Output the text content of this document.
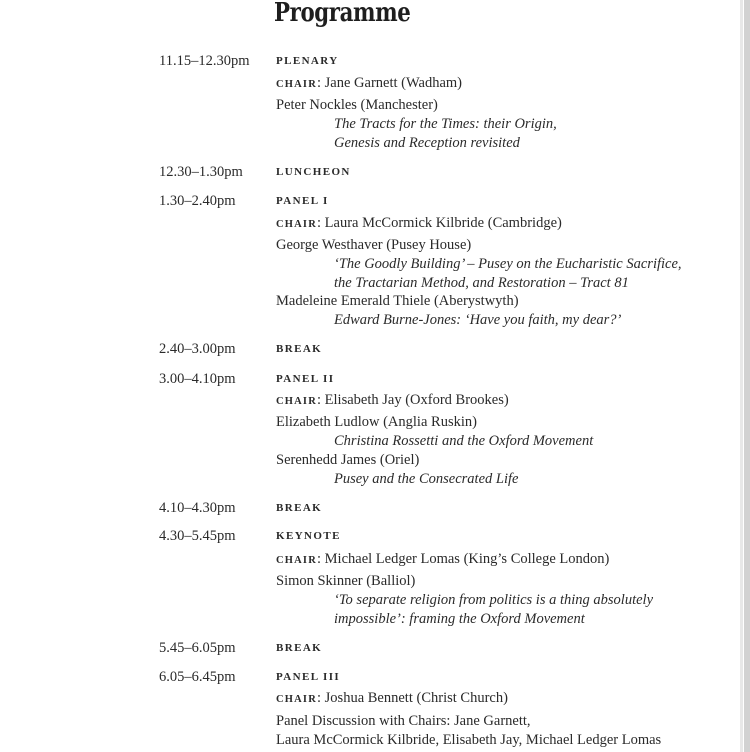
Programme
11.15–12.30pm PLENARY
CHAIR: Jane Garnett (Wadham)
Peter Nockles (Manchester)
The Tracts for the Times: their Origin,
Genesis and Reception revisited
12.30–1.30pm	LUNCHEON
1.30–2.40pm	PANEL I
CHAIR: Laura McCormick Kilbride (Cambridge)
George Westhaver (Pusey House)
‘The Goodly Building’ – Pusey on the Eucharistic Sacrifice,
the Tractarian Method, and Restoration – Tract 81
Madeleine Emerald Thiele (Aberystwyth)
Edward Burne-Jones: ‘Have you faith, my dear?’
2.40–3.00pm	BREAK
3.00–4.10pm	PANEL II
CHAIR: Elisabeth Jay (Oxford Brookes)
Elizabeth Ludlow (Anglia Ruskin)
Christina Rossetti and the Oxford Movement
Serenhedd James (Oriel)
Pusey and the Consecrated Life
4.10–4.30pm	BREAK
4.30–5.45pm	KEYNOTE
CHAIR: Michael Ledger Lomas (King’s College London)
Simon Skinner (Balliol)
‘To separate religion from politics is a thing absolutely
impossible’: framing the Oxford Movement
5.45–6.05pm	BREAK
6.05–6.45pm	PANEL III
CHAIR: Joshua Bennett (Christ Church)
Panel Discussion with Chairs: Jane Garnett,
Laura McCormick Kilbride, Elisabeth Jay, Michael Ledger Lomas
